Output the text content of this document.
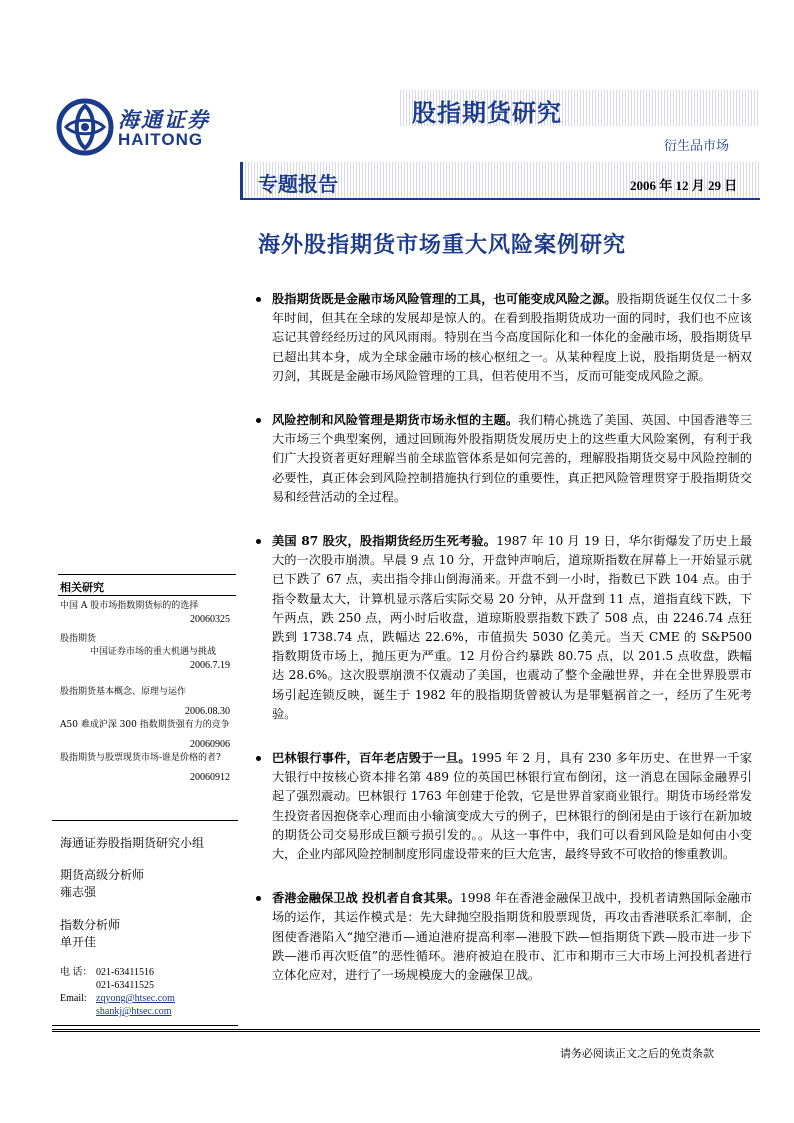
海通证券
HAITONG
股指期货研究
衍生品市场
专题报告	2006 年 12 月 29 日
海外股指期货市场重大风险案例研究
股指期货既是金融市场风险管理的工具，也可能变成风险之源。股指期货诞生仅仅二十多年时间，但其在全球的发展却是惊人的。在看到股指期货成功一面的同时，我们也不应该忘记其曾经经历过的风风雨雨。特别在当今高度国际化和一体化的金融市场，股指期货早已超出其本身，成为全球金融市场的核心枢纽之一。从某种程度上说，股指期货是一柄双刃剑，其既是金融市场风险管理的工具，但若使用不当，反而可能变成风险之源。
风险控制和风险管理是期货市场永恒的主题。我们精心挑选了美国、英国、中国香港等三大市场三个典型案例，通过回顾海外股指期货发展历史上的这些重大风险案例，有利于我们广大投资者更好理解当前全球监管体系是如何完善的，理解股指期货交易中风险控制的必要性，真正体会到风险控制措施执行到位的重要性，真正把风险管理贯穿于股指期货交易和经营活动的全过程。
美国 87 股灾，股指期货经历生死考验。1987 年 10 月 19 日，华尔街爆发了历史上最大的一次股市崩溃。早晨 9 点 10 分，开盘钟声响后，道琼斯指数在屏幕上一开始显示就已下跌了 67 点，卖出指令排山倒海涌来。开盘不到一小时，指数已下跌 104 点。由于指令数量太大，计算机显示落后实际交易 20 分钟，从开盘到 11 点，道指直线下跌，下午两点，跌 250 点，两小时后收盘，道琼斯股票指数下跌了 508 点，由 2246.74 点狂跌到 1738.74 点，跌幅达 22.6%，市值损失 5030 亿美元。当天 CME 的 S&P500 指数期货市场上，抛压更为严重。12 月份合约暴跌 80.75 点，以 201.5 点收盘，跌幅达 28.6%。这次股票崩溃不仅震动了美国，也震动了整个金融世界，并在全世界股票市场引起连锁反映，诞生于 1982 年的股指期货曾被认为是罪魁祸首之一，经历了生死考验。
巴林银行事件，百年老店毁于一旦。1995 年 2 月，具有 230 多年历史、在世界一千家大银行中按核心资本排名第 489 位的英国巴林银行宣布倒闭，这一消息在国际金融界引起了强烈震动。巴林银行 1763 年创建于伦敦，它是世界首家商业银行。期货市场经常发生投资者因抱侥幸心理而由小输演变成大亏的例子，巴林银行的倒闭是由于该行在新加坡的期货公司交易形成巨额亏损引发的。。从这一事件中，我们可以看到风险是如何由小变大，企业内部风险控制制度形同虚设带来的巨大危害，最终导致不可收拾的惨重教训。
香港金融保卫战 投机者自食其果。1998 年在香港金融保卫战中，投机者请熟国际金融市场的运作，其运作模式是：先大肆抛空股指期货和股票现货，再攻击香港联系汇率制，企图使香港陷入“抛空港币—通迫港府提高利率—港股下跌—恒指期货下跌—股市进一步下跌—港币再次贬值”的恶性循环。港府被迫在股市、汇市和期市三大市场上河投机者进行立体化应对，进行了一场规模庞大的金融保卫战。
相关研究
中国 A 股市场指数期货标的的选择
20060325
股指期货
中国证券市场的重大机遇与挑战
2006.7.19
股指期货基本概念、原理与运作
2006.08.30
A50 难成沪深 300 指数期货强有力的竞争
20060906
股指期货与股票现货市场-谁是价格的者?
20060912
海通证券股指期货研究小组
期货高级分析师
雍志强
指数分析师
单开佳
电 话： 021-63411516
021-63411525
Email: zqyong@htsec.com
shankj@htsec.com
请务必阅读正文之后的免责条款
